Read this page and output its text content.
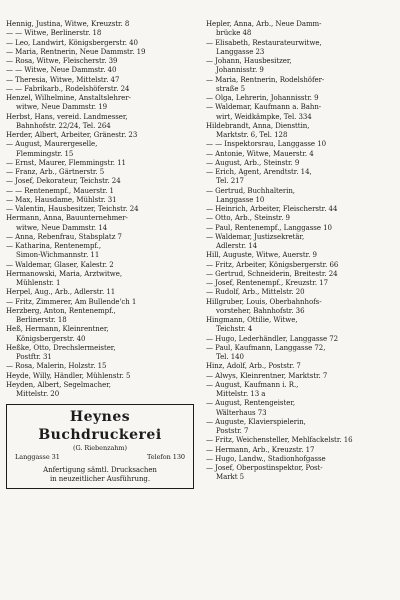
Hennig, Justina, Witwe, Kreuzstr. 8
— — Witwe, Berlinerstr. 18
— Leo, Landwirt, Königsbergerstr. 40
— Maria, Rentnerin, Neue Dammstr. 19
— Rosa, Witwe, Fleischerstr. 39
— — Witwe, Neue Dammstr. 40
— Theresia, Witwe, Mittelstr. 47
— — Fabrikarb., Rodelshöferstr. 24
Henzel, Wilhelmine, Anstaltslehrer-
witwe, Neue Dammstr. 19
Herbst, Hans, vereid. Landmesser,
Bahnhofstr. 22/24, Tel. 264
Herder, Albert, Arbeiter, Gränestr. 23
— August, Maurergeselle,
Flemmingstr. 15
— Ernst, Maurer, Flemmingstr. 11
— Franz, Arb., Gärtnerstr. 5
— Josef, Dekorateur, Teichstr. 24
— — Rentenempf., Mauerstr. 1
— Max, Hausdame, Mühlstr. 31
— Valentin, Hausbesitzer, Teichstr. 24
Hermann, Anna, Bauunternehmer-
witwe, Neue Dammstr. 14
— Anna, Rebenfrau, Stabsplatz 7
— Katharina, Rentenempf.,
Simon-Wichmannstr. 11
— Waldemar, Glaser, Kalestr. 2
Hermanowski, Maria, Arztwitwe,
Mühlenstr. 1
Herpel, Aug., Arb., Adlerstr. 11
— Fritz, Zimmerer, Am Bullende'ch 1
Herzberg, Anton, Rentenempf.,
Berlinerstr. 18
Heß, Hermann, Kleinrentner,
Königsbergerstr. 40
Heßke, Otto, Drechslermeister,
Postftr. 31
— Rosa, Malerin, Holzstr. 15
Heyde, Willy, Händler, Mühlenstr. 5
Heyden, Albert, Segelmacher,
Mittelstr. 20
Heynes Buchdruckerei
(G. Riebenzahm)
Langgasse 31	Telefon 130
Anfertigung sämtl. Drucksachen
in neuzeitlicher Ausführung.
Hepler, Anna, Arb., Neue Damm-
brücke 48
— Elisabeth, Restaurateurwitwe,
Langgasse 23
— Johann, Hausbesitzer,
Johannisstr. 9
— Maria, Rentnerin, Rodelshöfer-
straße 5
— Olga, Lehrerin, Johannisstr. 9
— Waldemar, Kaufmann a. Bahn-
wirt, Weidkämpke, Tel. 334
Hildebrandt, Anna, Diensttin,
Marktstr. 6, Tel. 128
— — Inspektorsrau, Langgasse 10
— Antonie, Witwe, Mauerstr. 4
— August, Arb., Steinstr. 9
— Erich, Agent, Arendtstr. 14,
Tel. 217
— Gertrud, Buchhalterin,
Langgasse 10
— Heinrich, Arbeiter, Fleischerstr. 44
— Otto, Arb., Steinstr. 9
— Paul, Rentenempf., Langgasse 10
— Waldemar, Justizsekretär,
Adlerstr. 14
Hill, Auguste, Witwe, Auerstr. 9
— Fritz, Arbeiter, Königsbergerstr. 66
— Gertrud, Schneiderin, Breitestr. 24
— Josef, Rentenempf., Kreuzstr. 17
— Rudolf, Arb., Mittelstr. 20
Hillgruber, Louis, Oberbahnhofs-
vorsteher, Bahnhofstr. 36
Hingmann, Ottilie, Witwe,
Teichstr. 4
— Hugo, Lederhändler, Langgasse 72
— Paul, Kaufmann, Langgasse 72,
Tel. 140
Hinz, Adolf, Arb., Poststr. 7
— Alwys, Kleinrentner, Marktstr. 7
— August, Kaufmann i. R.,
Mittelstr. 13 a
— August, Rentengeister,
Wälterhaus 73
— Auguste, Klavierspielerin,
Poststr. 7
— Fritz, Weichensteller, Mehlfackelstr. 16
— Hermann, Arb., Kreuzstr. 17
— Hugo, Landw., Stadionhofgasse
— Josef, Oberpostinspektor, Post-
Markt 5
